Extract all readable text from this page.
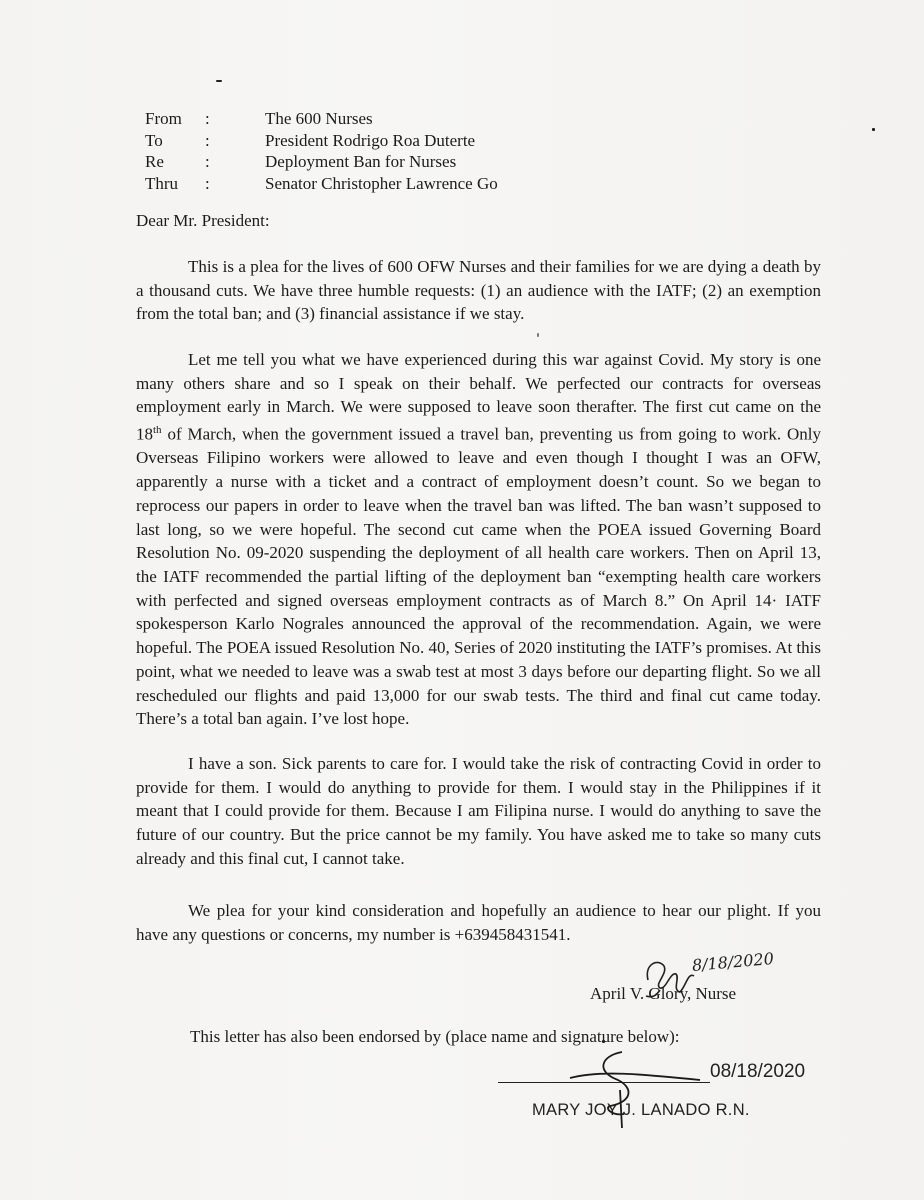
From	:	The 600 Nurses
To	:	President Rodrigo Roa Duterte
Re	:	Deployment Ban for Nurses
Thru	:	Senator Christopher Lawrence Go
Dear Mr. President:

This is a plea for the lives of 600 OFW Nurses and their families for we are dying a death by a thousand cuts. We have three humble requests: (1) an audience with the IATF; (2) an exemption from the total ban; and (3) financial assistance if we stay.

Let me tell you what we have experienced during this war against Covid. My story is one many others share and so I speak on their behalf. We perfected our contracts for overseas employment early in March. We were supposed to leave soon therafter. The first cut came on the 18th of March, when the government issued a travel ban, preventing us from going to work. Only Overseas Filipino workers were allowed to leave and even though I thought I was an OFW, apparently a nurse with a ticket and a contract of employment doesn’t count. So we began to reprocess our papers in order to leave when the travel ban was lifted. The ban wasn’t supposed to last long, so we were hopeful. The second cut came when the POEA issued Governing Board Resolution No. 09-2020 suspending the deployment of all health care workers. Then on April 13, the IATF recommended the partial lifting of the deployment ban “exempting health care workers with perfected and signed overseas employment contracts as of March 8.” On April 14· IATF spokesperson Karlo Nograles announced the approval of the recommendation. Again, we were hopeful. The POEA issued Resolution No. 40, Series of 2020 instituting the IATF’s promises. At this point, what we needed to leave was a swab test at most 3 days before our departing flight. So we all rescheduled our flights and paid 13,000 for our swab tests. The third and final cut came today. There’s a total ban again. I’ve lost hope.

I have a son. Sick parents to care for. I would take the risk of contracting Covid in order to provide for them. I would do anything to provide for them. I would stay in the Philippines if it meant that I could provide for them. Because I am Filipina nurse. I would do anything to save the future of our country. But the price cannot be my family. You have asked me to take so many cuts already and this final cut, I cannot take.

We plea for your kind consideration and hopefully an audience to hear our plight. If you have any questions or concerns, my number is +639458431541.

8/18/2020
April V. Glory, Nurse
This letter has also been endorsed by (place name and signature below):
08/18/2020
MARY JOY J. LANADO R.N.
